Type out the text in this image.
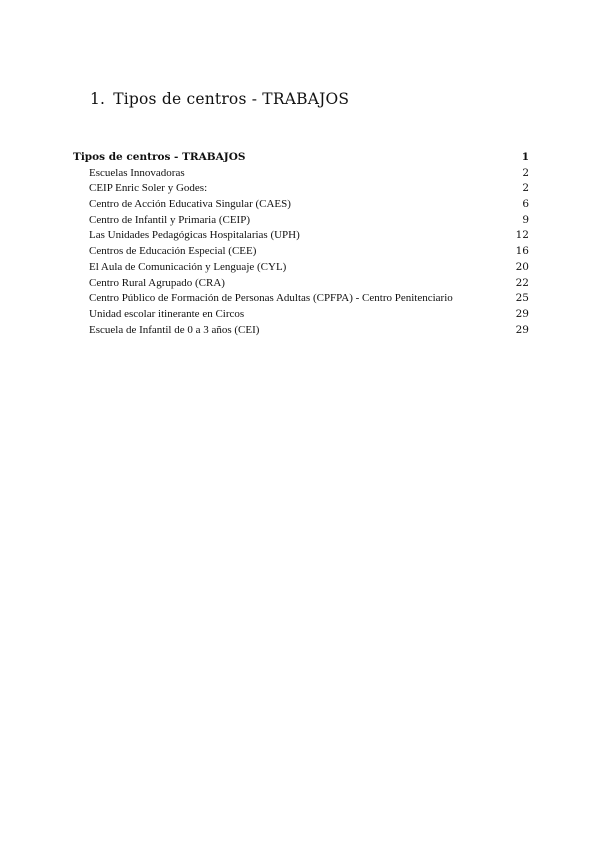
1. Tipos de centros - TRABAJOS
Tipos de centros - TRABAJOS	1
Escuelas Innovadoras	2
CEIP Enric Soler y Godes:	2
Centro de Acción Educativa Singular (CAES)	6
Centro de Infantil y Primaria (CEIP)	9
Las Unidades Pedagógicas Hospitalarias (UPH)	12
Centros de Educación Especial (CEE)	16
El Aula de Comunicación y Lenguaje (CYL)	20
Centro Rural Agrupado (CRA)	22
Centro Público de Formación de Personas Adultas (CPFPA) - Centro Penitenciario	25
Unidad escolar itinerante en Circos	29
Escuela de Infantil de 0 a 3 años (CEI)	29
